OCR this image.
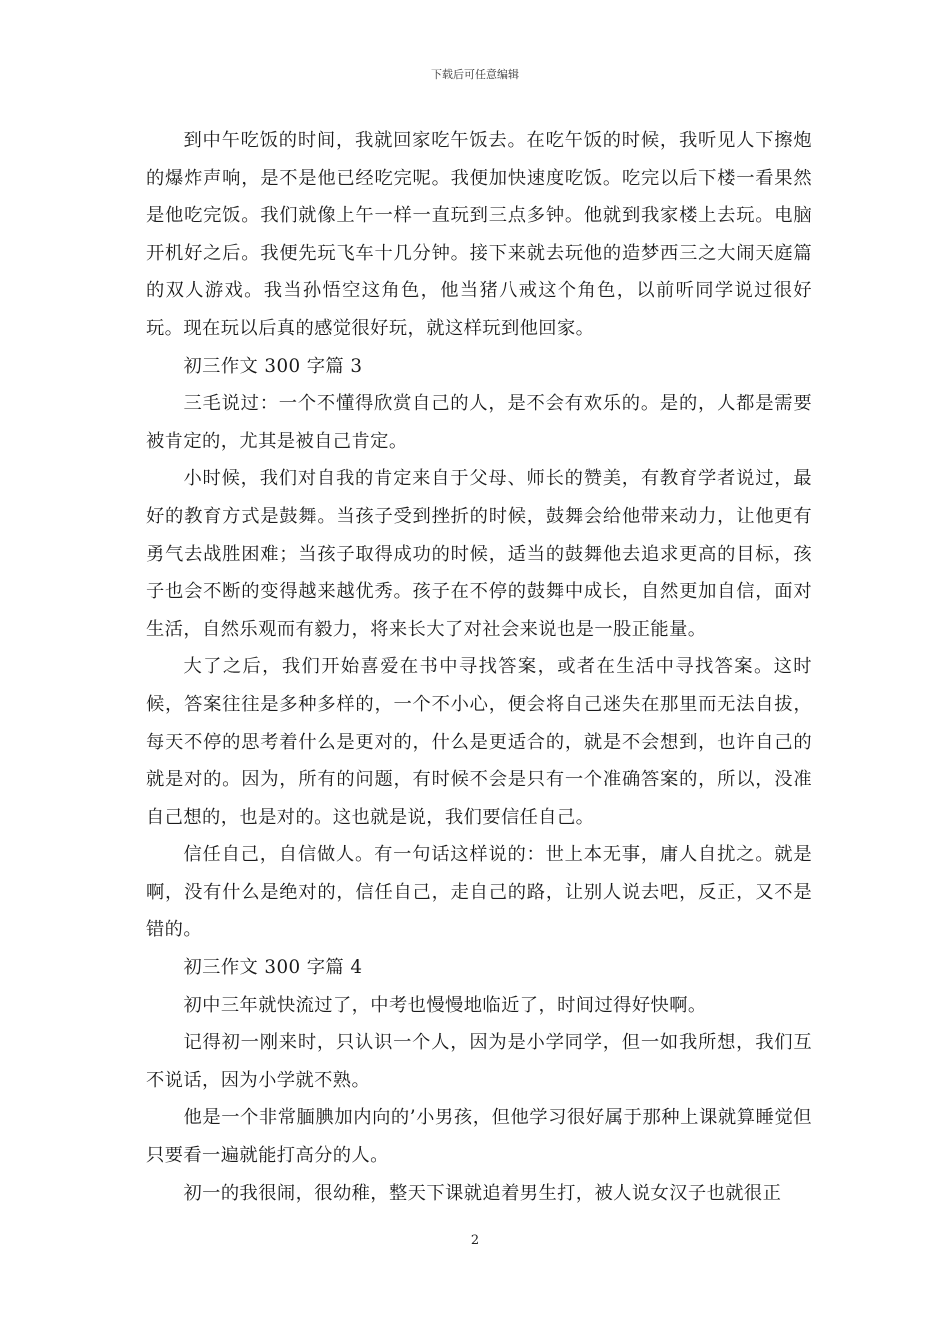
下载后可任意编辑

到中午吃饭的时间，我就回家吃午饭去。在吃午饭的时候，我听见人下擦炮的爆炸声响，是不是他已经吃完呢。我便加快速度吃饭。吃完以后下楼一看果然是他吃完饭。我们就像上午一样一直玩到三点多钟。他就到我家楼上去玩。电脑开机好之后。我便先玩飞车十几分钟。接下来就去玩他的造梦西三之大闹天庭篇的双人游戏。我当孙悟空这角色，他当猪八戒这个角色，以前听同学说过很好玩。现在玩以后真的感觉很好玩，就这样玩到他回家。

初三作文 300 字篇 3

三毛说过：一个不懂得欣赏自己的人，是不会有欢乐的。是的，人都是需要被肯定的，尤其是被自己肯定。

小时候，我们对自我的肯定来自于父母、师长的赞美，有教育学者说过，最好的教育方式是鼓舞。当孩子受到挫折的时候，鼓舞会给他带来动力，让他更有勇气去战胜困难；当孩子取得成功的时候，适当的鼓舞他去追求更高的目标，孩子也会不断的变得越来越优秀。孩子在不停的鼓舞中成长，自然更加自信，面对生活，自然乐观而有毅力，将来长大了对社会来说也是一股正能量。

大了之后，我们开始喜爱在书中寻找答案，或者在生活中寻找答案。这时候，答案往往是多种多样的，一个不小心，便会将自己迷失在那里而无法自拔，每天不停的思考着什么是更对的，什么是更适合的，就是不会想到，也许自己的就是对的。因为，所有的问题，有时候不会是只有一个准确答案的，所以，没准自己想的，也是对的。这也就是说，我们要信任自己。

信任自己，自信做人。有一句话这样说的：世上本无事，庸人自扰之。就是啊，没有什么是绝对的，信任自己，走自己的路，让别人说去吧，反正，又不是错的。

初三作文 300 字篇 4

初中三年就快流过了，中考也慢慢地临近了，时间过得好快啊。

记得初一刚来时，只认识一个人，因为是小学同学，但一如我所想，我们互不说话，因为小学就不熟。

他是一个非常腼腆加内向的’小男孩，但他学习很好属于那种上课就算睡觉但只要看一遍就能打高分的人。

初一的我很闹，很幼稚，整天下课就追着男生打，被人说女汉子也就很正

2
